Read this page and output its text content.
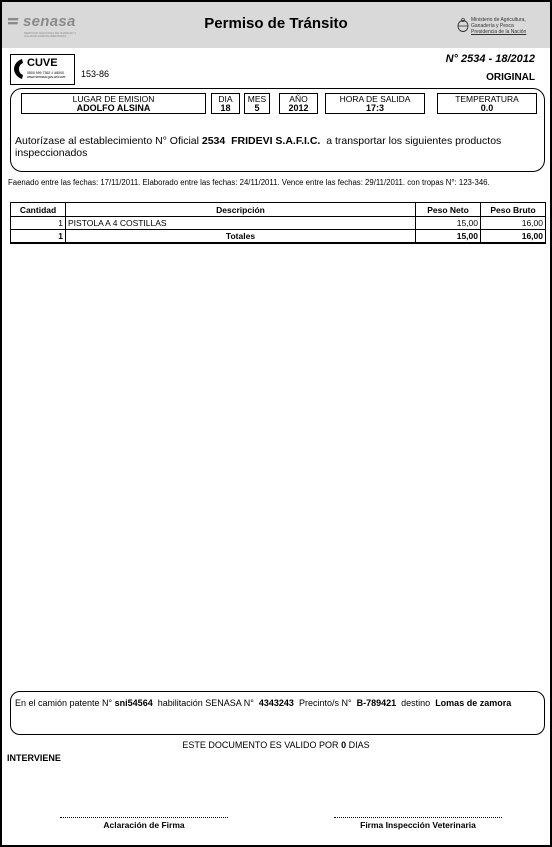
senasa
SERVICIO NACIONAL DE SANIDAD Y CALIDAD AGROALIMENTARIA
Permiso de Tránsito	Ministerio de Agricultura,
Ganadería y Pesca
Presidencia de la Nación
CUVE
0800 999 7362 // #8000 www.senasa.gov.ar/cuve	153-86
N° 2534 - 18/2012
ORIGINAL
LUGAR DE EMISION
ADOLFO ALSINA
DIA
18
MES
5
AÑO
2012
HORA DE SALIDA
17:3
TEMPERATURA
0.0
Autorízase al establecimiento N° Oficial 2534 FRIDEVI S.A.F.I.C. a transportar los siguientes productos inspeccionados
Faenado entre las fechas: 17/11/2011. Elaborado entre las fechas: 24/11/2011. Vence entre las fechas: 29/11/2011. con tropas N°: 123-346.
Cantidad	Descripción	Peso Neto	Peso Bruto
1	PISTOLA A 4 COSTILLAS	15,00	16,00
1	Totales	15,00	16,00
En el camión patente N° sni54564 habilitación SENASA N° 4343243 Precinto/s N° B-789421 destino Lomas de zamora
ESTE DOCUMENTO ES VALIDO POR 0 DIAS
INTERVIENE
Aclaración de Firma	Firma Inspección Veterinaria
